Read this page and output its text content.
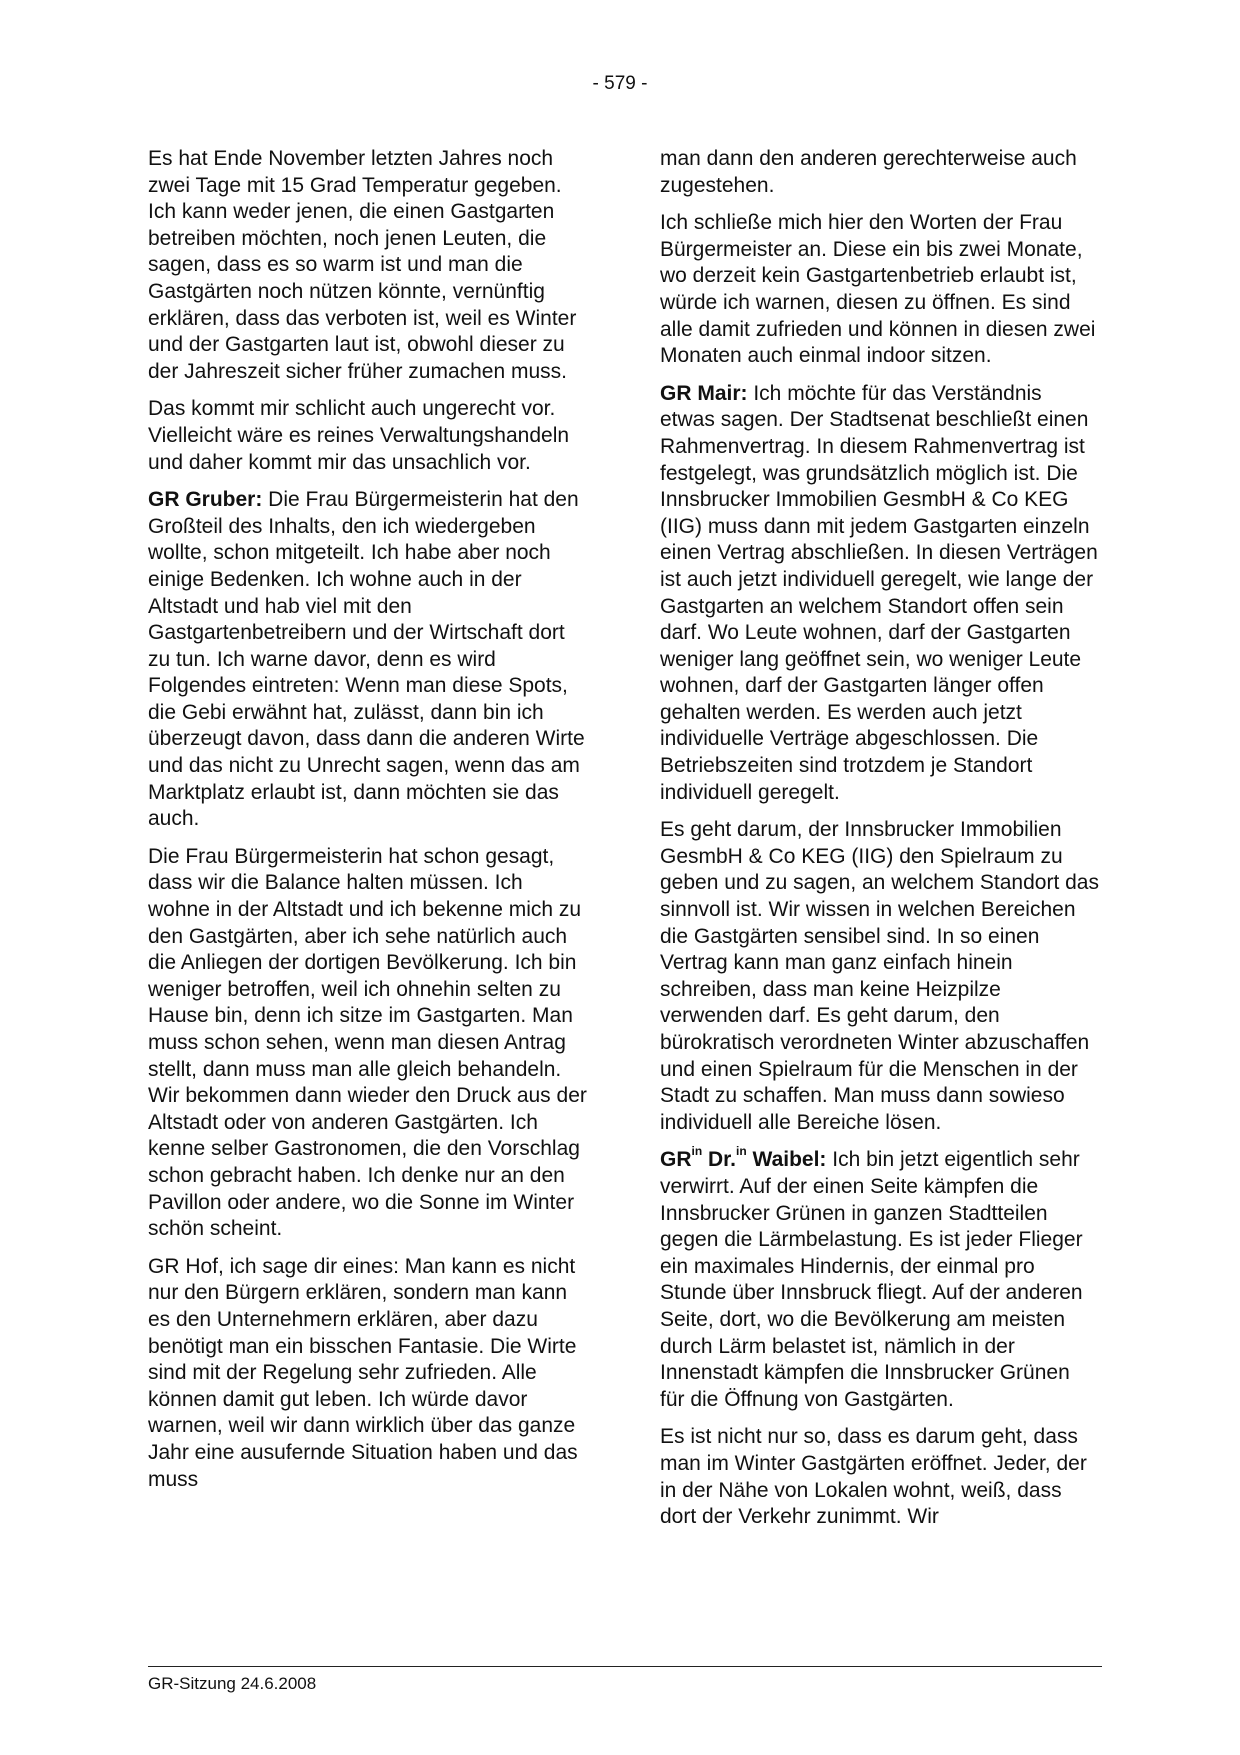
- 579 -

Es hat Ende November letzten Jahres noch zwei Tage mit 15 Grad Temperatur gegeben. Ich kann weder jenen, die einen Gastgarten betreiben möchten, noch jenen Leuten, die sagen, dass es so warm ist und man die Gastgärten noch nützen könnte, vernünftig erklären, dass das verboten ist, weil es Winter und der Gastgarten laut ist, obwohl dieser zu der Jahreszeit sicher früher zumachen muss.

Das kommt mir schlicht auch ungerecht vor. Vielleicht wäre es reines Verwaltungshandeln und daher kommt mir das unsachlich vor.

GR Gruber: Die Frau Bürgermeisterin hat den Großteil des Inhalts, den ich wiedergeben wollte, schon mitgeteilt. Ich habe aber noch einige Bedenken. Ich wohne auch in der Altstadt und hab viel mit den Gastgartenbetreibern und der Wirtschaft dort zu tun. Ich warne davor, denn es wird Folgendes eintreten: Wenn man diese Spots, die Gebi erwähnt hat, zulässt, dann bin ich überzeugt davon, dass dann die anderen Wirte und das nicht zu Unrecht sagen, wenn das am Marktplatz erlaubt ist, dann möchten sie das auch.

Die Frau Bürgermeisterin hat schon gesagt, dass wir die Balance halten müssen. Ich wohne in der Altstadt und ich bekenne mich zu den Gastgärten, aber ich sehe natürlich auch die Anliegen der dortigen Bevölkerung. Ich bin weniger betroffen, weil ich ohnehin selten zu Hause bin, denn ich sitze im Gastgarten. Man muss schon sehen, wenn man diesen Antrag stellt, dann muss man alle gleich behandeln. Wir bekommen dann wieder den Druck aus der Altstadt oder von anderen Gastgärten. Ich kenne selber Gastronomen, die den Vorschlag schon gebracht haben. Ich denke nur an den Pavillon oder andere, wo die Sonne im Winter schön scheint.

GR Hof, ich sage dir eines: Man kann es nicht nur den Bürgern erklären, sondern man kann es den Unternehmern erklären, aber dazu benötigt man ein bisschen Fantasie. Die Wirte sind mit der Regelung sehr zufrieden. Alle können damit gut leben. Ich würde davor warnen, weil wir dann wirklich über das ganze Jahr eine ausufernde Situation haben und das muss

man dann den anderen gerechterweise auch zugestehen.

Ich schließe mich hier den Worten der Frau Bürgermeister an. Diese ein bis zwei Monate, wo derzeit kein Gastgartenbetrieb erlaubt ist, würde ich warnen, diesen zu öffnen. Es sind alle damit zufrieden und können in diesen zwei Monaten auch einmal indoor sitzen.

GR Mair: Ich möchte für das Verständnis etwas sagen. Der Stadtsenat beschließt einen Rahmenvertrag. In diesem Rahmenvertrag ist festgelegt, was grundsätzlich möglich ist. Die Innsbrucker Immobilien GesmbH & Co KEG (IIG) muss dann mit jedem Gastgarten einzeln einen Vertrag abschließen. In diesen Verträgen ist auch jetzt individuell geregelt, wie lange der Gastgarten an welchem Standort offen sein darf. Wo Leute wohnen, darf der Gastgarten weniger lang geöffnet sein, wo weniger Leute wohnen, darf der Gastgarten länger offen gehalten werden. Es werden auch jetzt individuelle Verträge abgeschlossen. Die Betriebszeiten sind trotzdem je Standort individuell geregelt.

Es geht darum, der Innsbrucker Immobilien GesmbH & Co KEG (IIG) den Spielraum zu geben und zu sagen, an welchem Standort das sinnvoll ist. Wir wissen in welchen Bereichen die Gastgärten sensibel sind. In so einen Vertrag kann man ganz einfach hinein schreiben, dass man keine Heizpilze verwenden darf. Es geht darum, den bürokratisch verordneten Winter abzuschaffen und einen Spielraum für die Menschen in der Stadt zu schaffen. Man muss dann sowieso individuell alle Bereiche lösen.

$GR^{in}$ Dr.$^{in}$ Waibel: Ich bin jetzt eigentlich sehr verwirrt. Auf der einen Seite kämpfen die Innsbrucker Grünen in ganzen Stadtteilen gegen die Lärmbelastung. Es ist jeder Flieger ein maximales Hindernis, der einmal pro Stunde über Innsbruck fliegt. Auf der anderen Seite, dort, wo die Bevölkerung am meisten durch Lärm belastet ist, nämlich in der Innenstadt kämpfen die Innsbrucker Grünen für die Öffnung von Gastgärten.

Es ist nicht nur so, dass es darum geht, dass man im Winter Gastgärten eröffnet. Jeder, der in der Nähe von Lokalen wohnt, weiß, dass dort der Verkehr zunimmt. Wir

GR-Sitzung 24.6.2008
